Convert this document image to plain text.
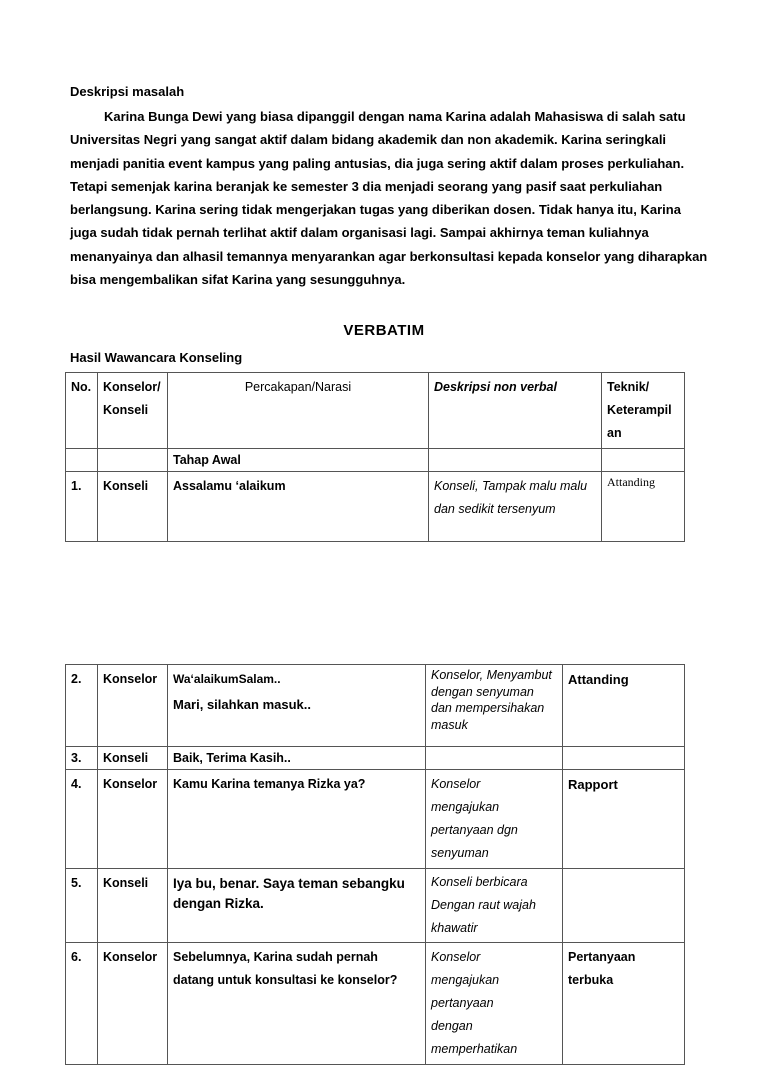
Deskripsi masalah
Karina Bunga Dewi yang biasa dipanggil dengan nama Karina adalah Mahasiswa di salah satu Universitas Negri yang sangat aktif dalam bidang akademik dan non akademik. Karina seringkali menjadi panitia event kampus yang paling antusias, dia juga sering aktif dalam proses perkuliahan. Tetapi semenjak karina beranjak ke semester 3 dia menjadi seorang yang pasif saat perkuliahan berlangsung. Karina sering tidak mengerjakan tugas yang diberikan dosen. Tidak hanya itu, Karina juga sudah tidak pernah terlihat aktif dalam organisasi lagi. Sampai akhirnya teman kuliahnya menanyainya dan alhasil temannya menyarankan agar berkonsultasi kepada konselor yang diharapkan bisa mengembalikan sifat Karina yang sesungguhnya.
VERBATIM
Hasil Wawancara Konseling
No.	Konselor/ Konseli	Percakapan/Narasi	Deskripsi non verbal	Teknik/ Keterampil an
		Tahap Awal		
1.	Konseli	Assalamu ‘alaikum	Konseli, Tampak malu malu dan sedikit tersenyum	Attanding
2.	Konselor	Wa‘alaikumSalam..
Mari, silahkan masuk..	Konselor, Menyambut dengan senyuman dan mempersihakan masuk	Attanding
3.	Konseli	Baik, Terima Kasih..		
4.	Konselor	Kamu Karina temanya Rizka ya?	Konselor mengajukan pertanyaan dgn senyuman	Rapport
5.	Konseli	Iya bu, benar. Saya teman sebangku dengan Rizka.	Konseli berbicara Dengan raut wajah khawatir	
6.	Konselor	Sebelumnya, Karina sudah pernah datang untuk konsultasi ke konselor?	Konselor mengajukan pertanyaan dengan memperhatikan	Pertanyaan terbuka
